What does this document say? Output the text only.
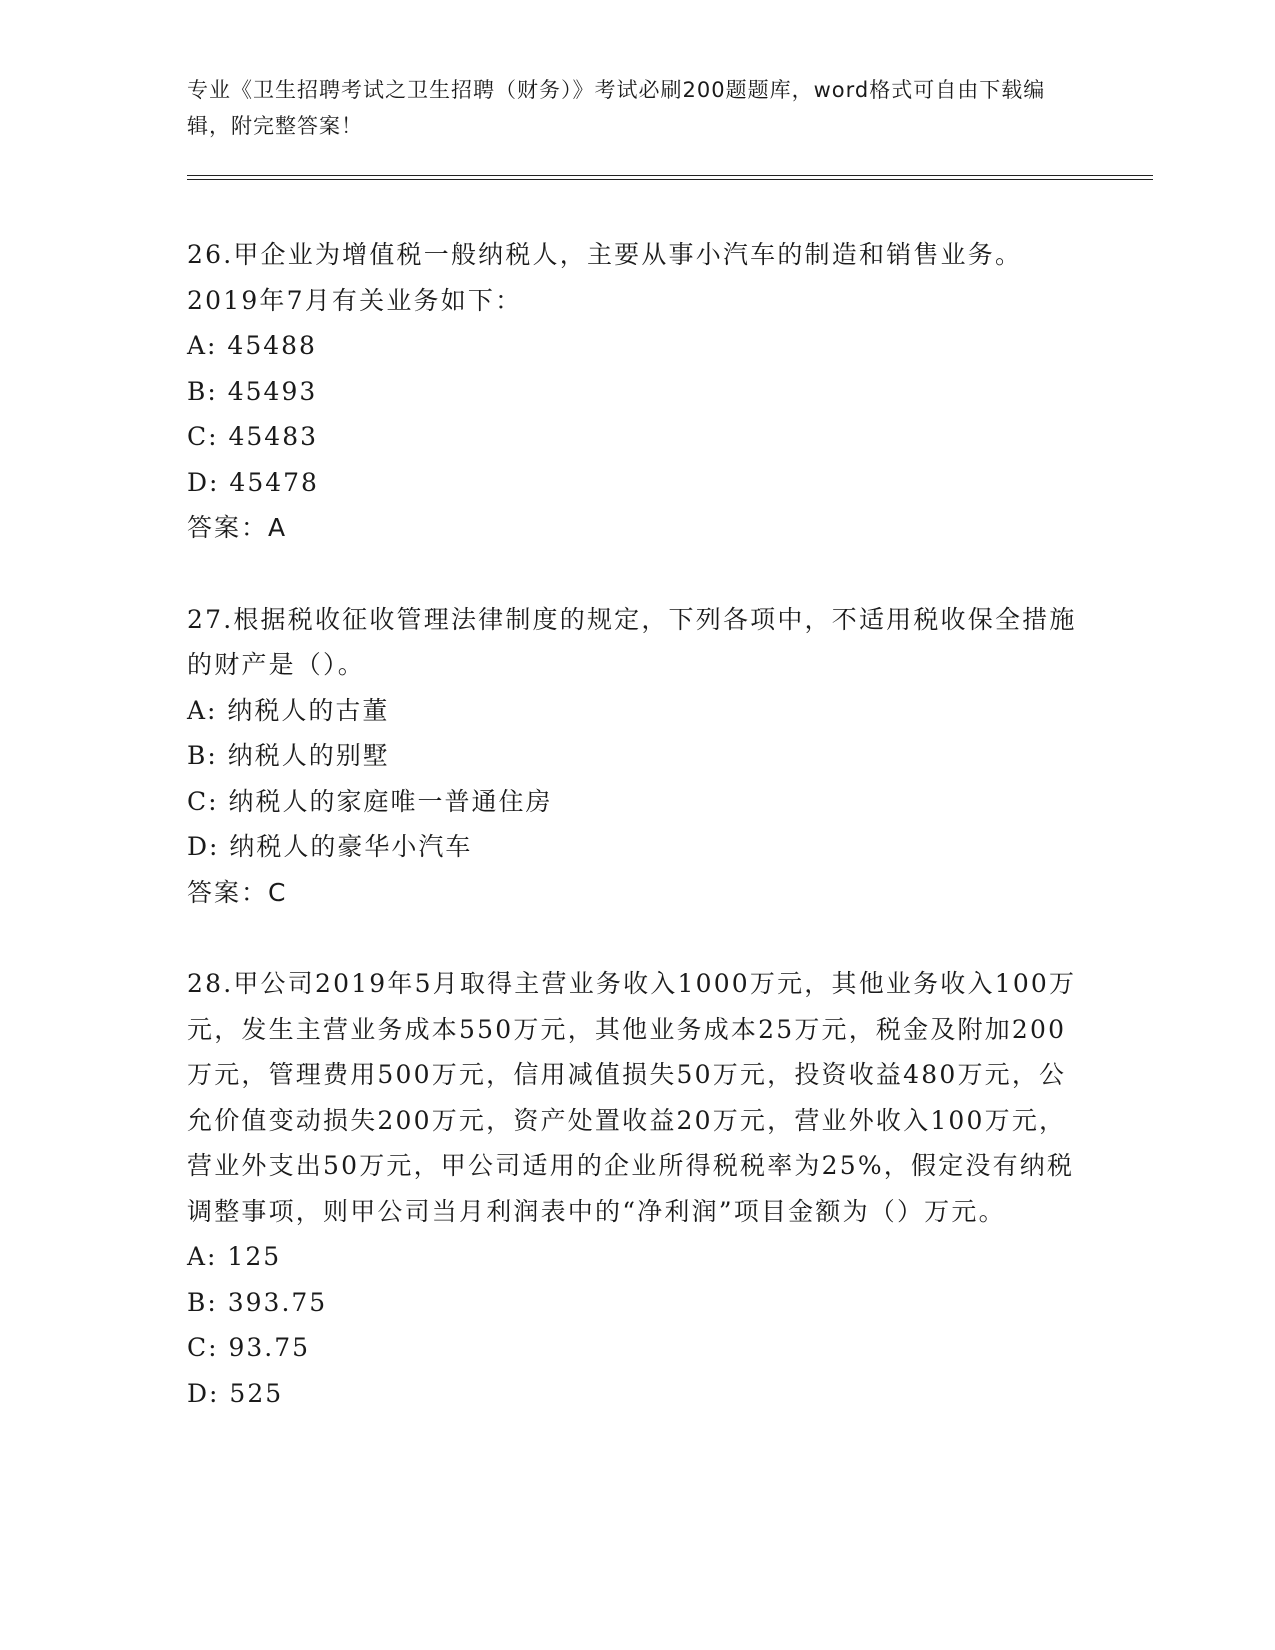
专业《卫生招聘考试之卫生招聘（财务）》考试必刷200题题库，word格式可自由下载编辑，附完整答案！
26.甲企业为增值税一般纳税人，主要从事小汽车的制造和销售业务。2019年7月有关业务如下：
A: 45488
B: 45493
C: 45483
D: 45478
答案：A
27.根据税收征收管理法律制度的规定，下列各项中，不适用税收保全措施的财产是（）。
A: 纳税人的古董
B: 纳税人的别墅
C: 纳税人的家庭唯一普通住房
D: 纳税人的豪华小汽车
答案：C
28.甲公司2019年5月取得主营业务收入1000万元，其他业务收入100万元，发生主营业务成本550万元，其他业务成本25万元，税金及附加200万元，管理费用500万元，信用减值损失50万元，投资收益480万元，公允价值变动损失200万元，资产处置收益20万元，营业外收入100万元，营业外支出50万元，甲公司适用的企业所得税税率为25%，假定没有纳税调整事项，则甲公司当月利润表中的“净利润”项目金额为（）万元。
A: 125
B: 393.75
C: 93.75
D: 525
